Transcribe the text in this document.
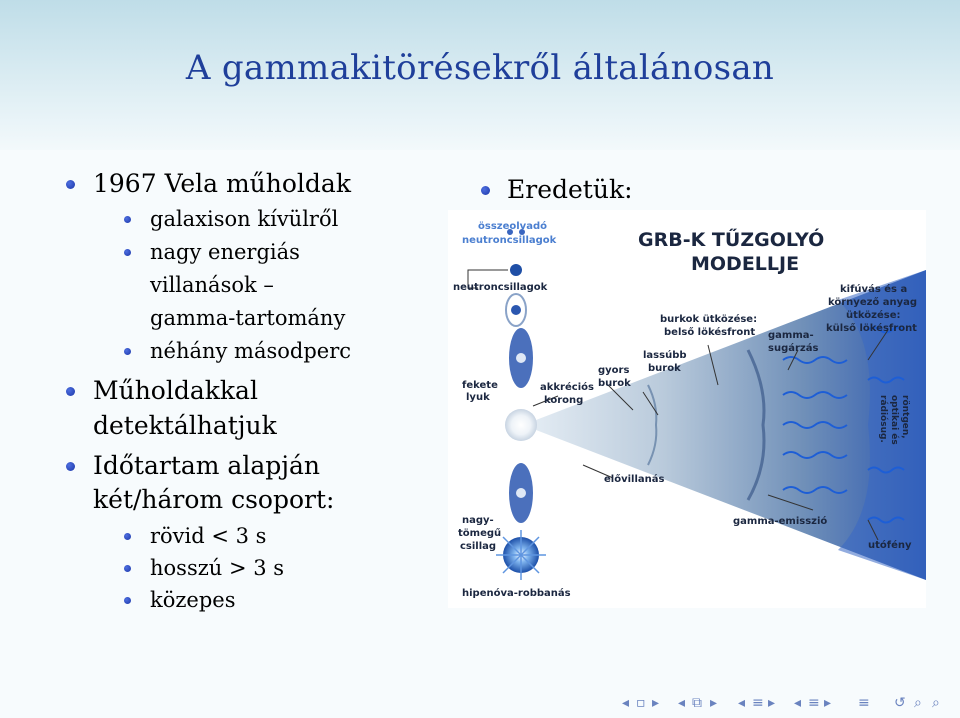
A gammakitörésekről általánosan
1967 Vela műholdak
galaxison kívülről
nagy energiás
villanások –
gamma-tartomány
néhány másodperc
Műholdakkal
detektálhatjuk
Időtartam alapján
két/három csoport:
rövid < 3 s
hosszú > 3 s
közepes
Eredetük:
GRB-K TŰZGOLYÓ
MODELLJE
összeolvadó
neutroncsillagok
neutroncsillagok
fekete
lyuk
akkréciós
korong
gyors
burok
lassúbb
burok
burkok ütközése:
belső lökésfront gamma-
sugárzás
kifúvás és a
környező anyag
ütközése:
külső lökésfront
röntgen,
optikai és
rádiósug.
elővillanás
gamma-emisszió
utófény
nagy-
tömegű
csillag
hipenóva-robbanás
◂ ▫ ▸ ◂ ⧉ ▸ ◂ ≡ ▸ ◂ ≡ ▸ ≡ ↺ ⌕ ⌕
